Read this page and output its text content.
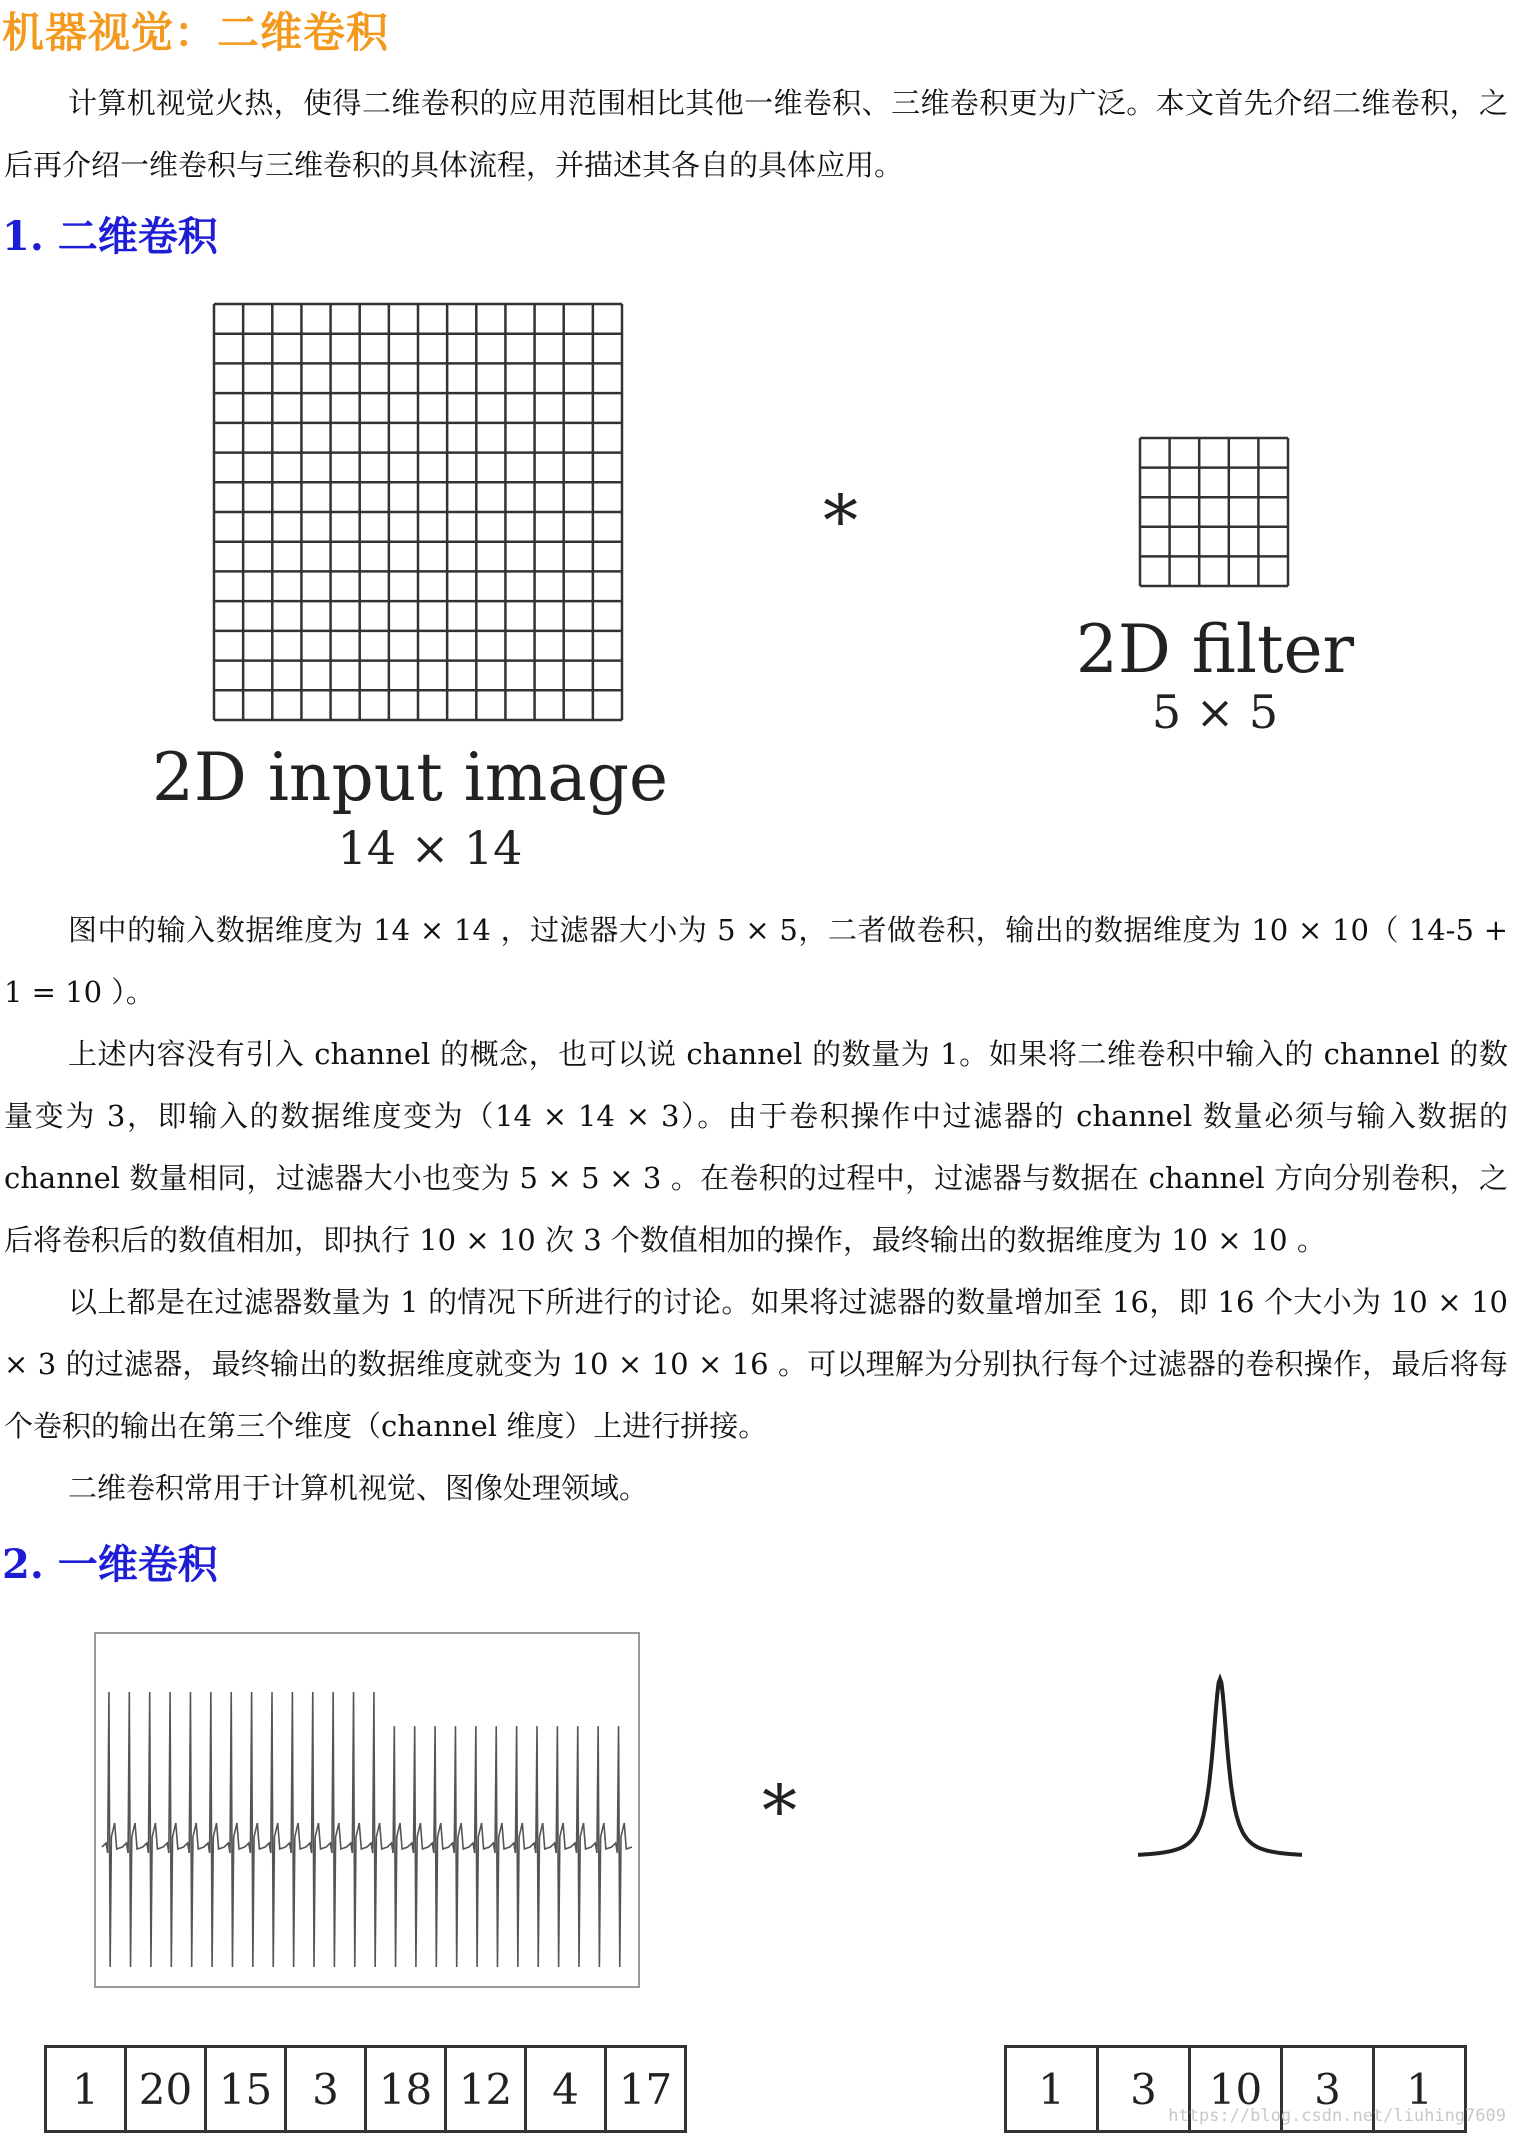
机器视觉：二维卷积

计算机视觉火热，使得二维卷积的应用范围相比其他一维卷积、三维卷积更为广泛。本文首先介绍二维卷积，之后再介绍一维卷积与三维卷积的具体流程，并描述其各自的具体应用。

1. 二维卷积
2D input image
14 × 14
*
2D filter
5 × 5

图中的输入数据维度为 14 × 14 ，过滤器大小为 5 × 5，二者做卷积，输出的数据维度为 10 × 10（ 14-5 + 1 = 10 ）。

上述内容没有引入 channel 的概念，也可以说 channel 的数量为 1。如果将二维卷积中输入的 channel 的数量变为 3，即输入的数据维度变为（14 × 14 × 3）。由于卷积操作中过滤器的 channel 数量必须与输入数据的 channel 数量相同，过滤器大小也变为 5 × 5 × 3 。在卷积的过程中，过滤器与数据在 channel 方向分别卷积，之后将卷积后的数值相加，即执行 10 × 10 次 3 个数值相加的操作，最终输出的数据维度为 10 × 10 。

以上都是在过滤器数量为 1 的情况下所进行的讨论。如果将过滤器的数量增加至 16，即 16 个大小为 10 × 10 × 3 的过滤器，最终输出的数据维度就变为 10 × 10 × 16 。可以理解为分别执行每个过滤器的卷积操作，最后将每个卷积的输出在第三个维度（channel 维度）上进行拼接。

二维卷积常用于计算机视觉、图像处理领域。

2. 一维卷积
*
1 20 15 3 18 12 4 17	1 3 10 3 1
https://blog.csdn.net/liuhing7609
